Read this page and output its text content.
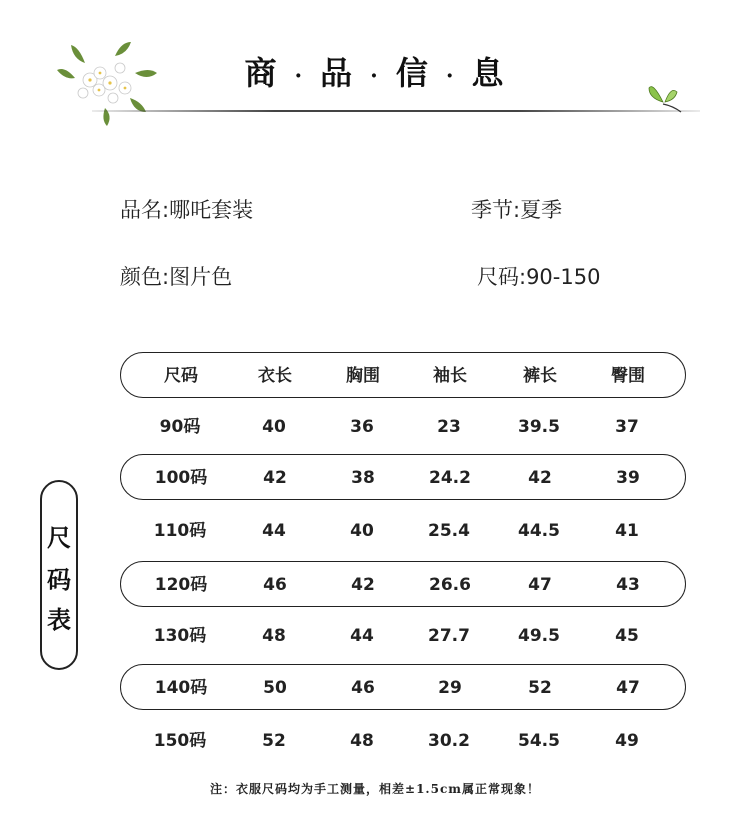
商 · 品 · 信 · 息
品名:哪吒套装	季节:夏季
颜色:图片色	尺码:90-150
尺
码
表
尺码	衣长	胸围	袖长	裤长	臀围
90码	40	36	23	39.5	37
100码	42	38	24.2	42	39
110码	44	40	25.4	44.5	41
120码	46	42	26.6	47	43
130码	48	44	27.7	49.5	45
140码	50	46	29	52	47
150码	52	48	30.2	54.5	49
注：衣服尺码均为手工测量，相差±1.5cm属正常现象！
